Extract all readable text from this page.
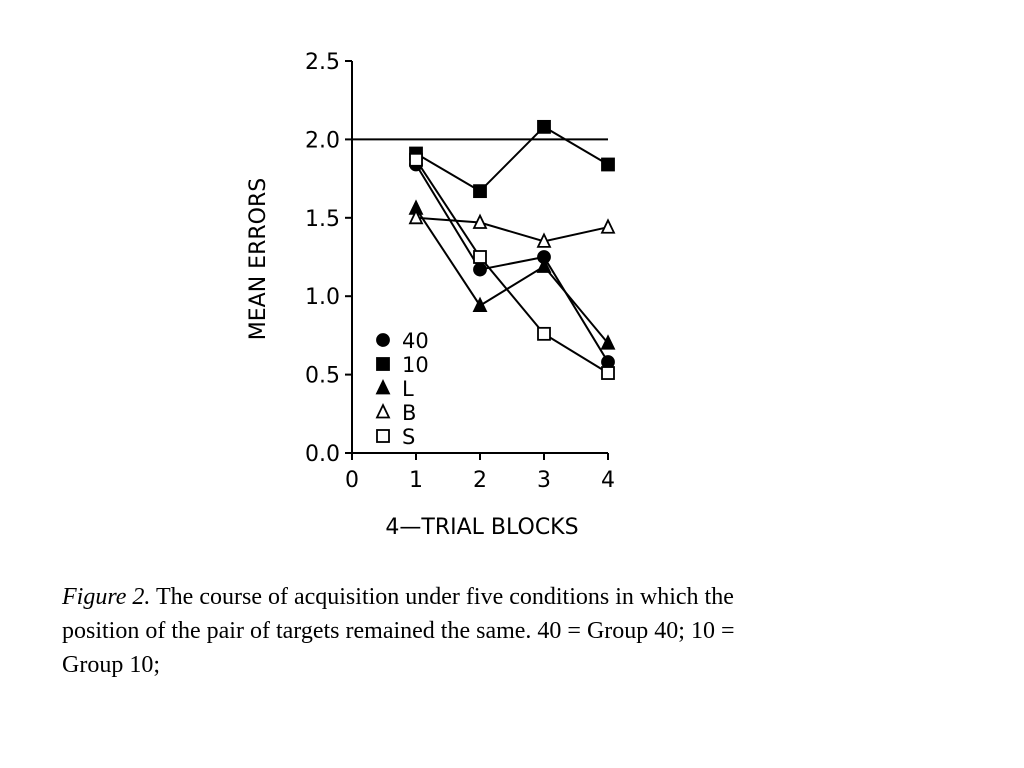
0.0
0.5
1.0
1.5
2.0
2.5
0 1 2 3 4
4—TRIAL BLOCKS
MEAN ERRORS
40
10
L
B
S
Figure 2. The course of acquisition under five conditions in which the position of the pair of targets remained the same. 40 = Group 40; 10 = Group 10;
